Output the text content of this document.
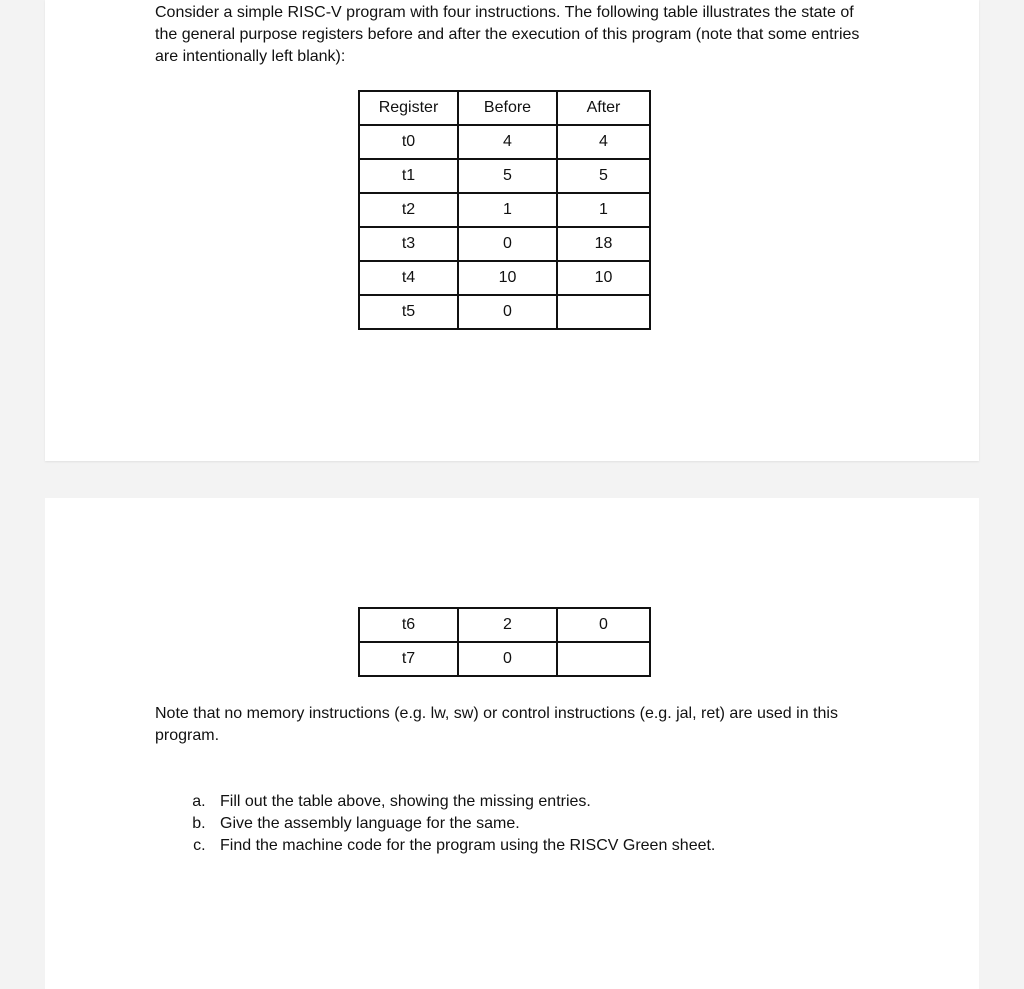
Consider a simple RISC-V program with four instructions. The following table illustrates the state of the general purpose registers before and after the execution of this program (note that some entries are intentionally left blank):

Register	Before	After
t0	4	4
t1	5	5
t2	1	1
t3	0	18
t4	10	10
t5	0	
t6	2	0
t7	0	

Note that no memory instructions (e.g. lw, sw) or control instructions (e.g. jal, ret) are used in this program.

a. Fill out the table above, showing the missing entries.
b. Give the assembly language for the same.
c. Find the machine code for the program using the RISCV Green sheet.
